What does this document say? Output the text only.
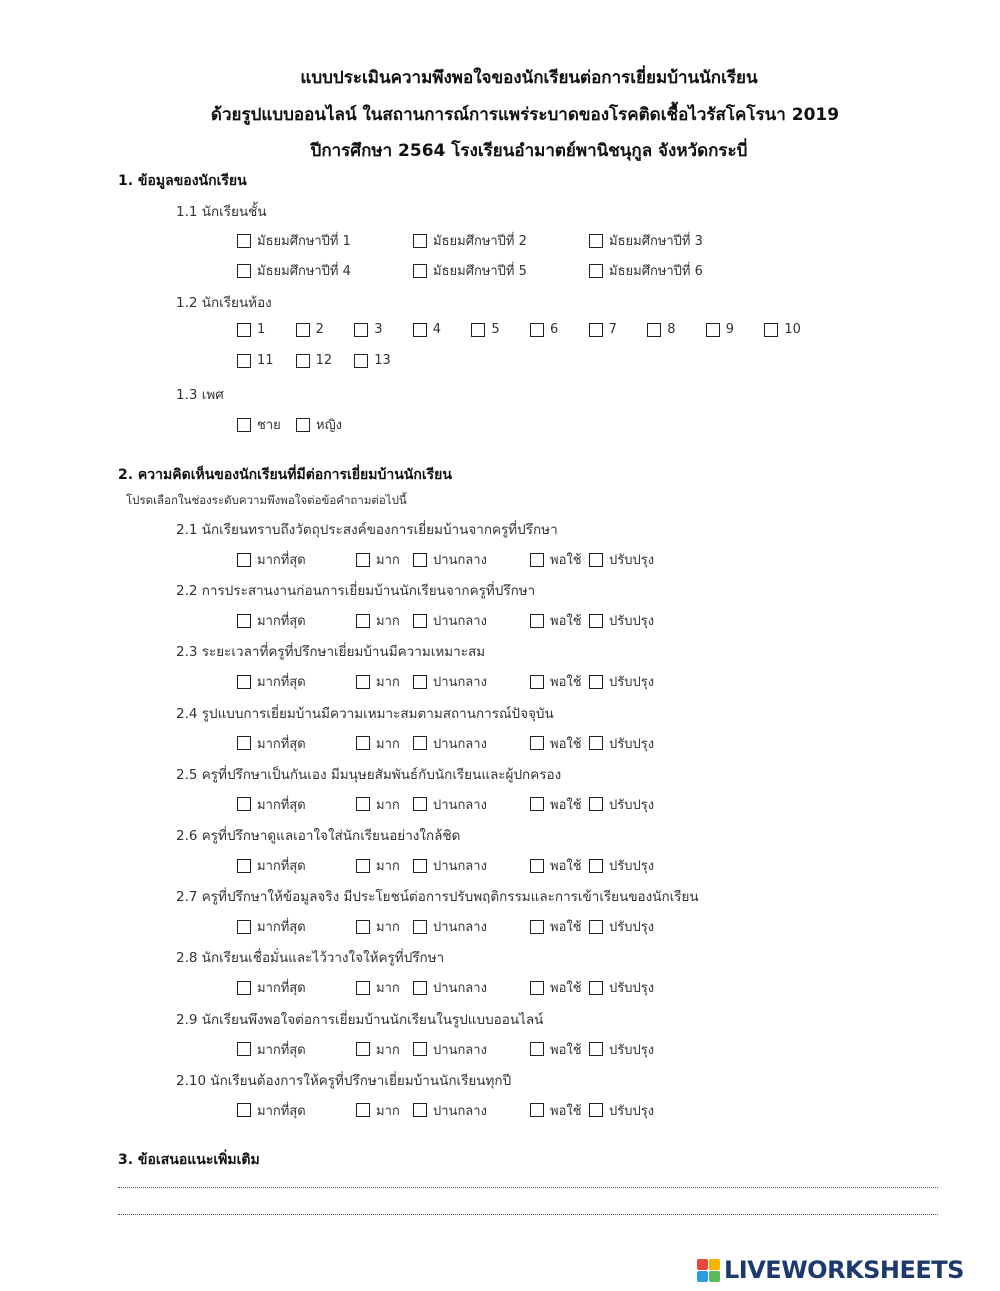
แบบประเมินความพึงพอใจของนักเรียนต่อการเยี่ยมบ้านนักเรียน
ด้วยรูปแบบออนไลน์ ในสถานการณ์การแพร่ระบาดของโรคติดเชื้อไวรัสโคโรนา 2019
ปีการศึกษา 2564 โรงเรียนอำมาตย์พานิชนุกูล จังหวัดกระบี่
1. ข้อมูลของนักเรียน
1.1 นักเรียนชั้น
มัธยมศึกษาปีที่ 1	มัธยมศึกษาปีที่ 2	มัธยมศึกษาปีที่ 3
มัธยมศึกษาปีที่ 4	มัธยมศึกษาปีที่ 5	มัธยมศึกษาปีที่ 6
1.2 นักเรียนห้อง
1	2	3	4	5	6	7	8	9	10
11	12	13
1.3 เพศ
ชาย	หญิง
2. ความคิดเห็นของนักเรียนที่มีต่อการเยี่ยมบ้านนักเรียน
โปรดเลือกในช่องระดับความพึงพอใจต่อข้อคำถามต่อไปนี้
2.1 นักเรียนทราบถึงวัตถุประสงค์ของการเยี่ยมบ้านจากครูที่ปรึกษา
มากที่สุด	มาก	ปานกลาง	พอใช้ ปรับปรุง
2.2 การประสานงานก่อนการเยี่ยมบ้านนักเรียนจากครูที่ปรึกษา
มากที่สุด	มาก	ปานกลาง	พอใช้ ปรับปรุง
2.3 ระยะเวลาที่ครูที่ปรึกษาเยี่ยมบ้านมีความเหมาะสม
มากที่สุด	มาก	ปานกลาง	พอใช้ ปรับปรุง
2.4 รูปแบบการเยี่ยมบ้านมีความเหมาะสมตามสถานการณ์ปัจจุบัน
มากที่สุด	มาก	ปานกลาง	พอใช้ ปรับปรุง
2.5 ครูที่ปรึกษาเป็นกันเอง มีมนุษยสัมพันธ์กับนักเรียนและผู้ปกครอง
มากที่สุด	มาก	ปานกลาง	พอใช้ ปรับปรุง
2.6 ครูที่ปรึกษาดูแลเอาใจใส่นักเรียนอย่างใกล้ชิด
มากที่สุด	มาก	ปานกลาง	พอใช้ ปรับปรุง
2.7 ครูที่ปรึกษาให้ข้อมูลจริง มีประโยชน์ต่อการปรับพฤติกรรมและการเข้าเรียนของนักเรียน
มากที่สุด	มาก	ปานกลาง	พอใช้ ปรับปรุง
2.8 นักเรียนเชื่อมั่นและไว้วางใจให้ครูที่ปรึกษา
มากที่สุด	มาก	ปานกลาง	พอใช้ ปรับปรุง
2.9 นักเรียนพึงพอใจต่อการเยี่ยมบ้านนักเรียนในรูปแบบออนไลน์
มากที่สุด	มาก	ปานกลาง	พอใช้ ปรับปรุง
2.10 นักเรียนต้องการให้ครูที่ปรึกษาเยี่ยมบ้านนักเรียนทุกปี
มากที่สุด	มาก	ปานกลาง	พอใช้ ปรับปรุง
3. ข้อเสนอแนะเพิ่มเติม
LIVEWORKSHEETS
